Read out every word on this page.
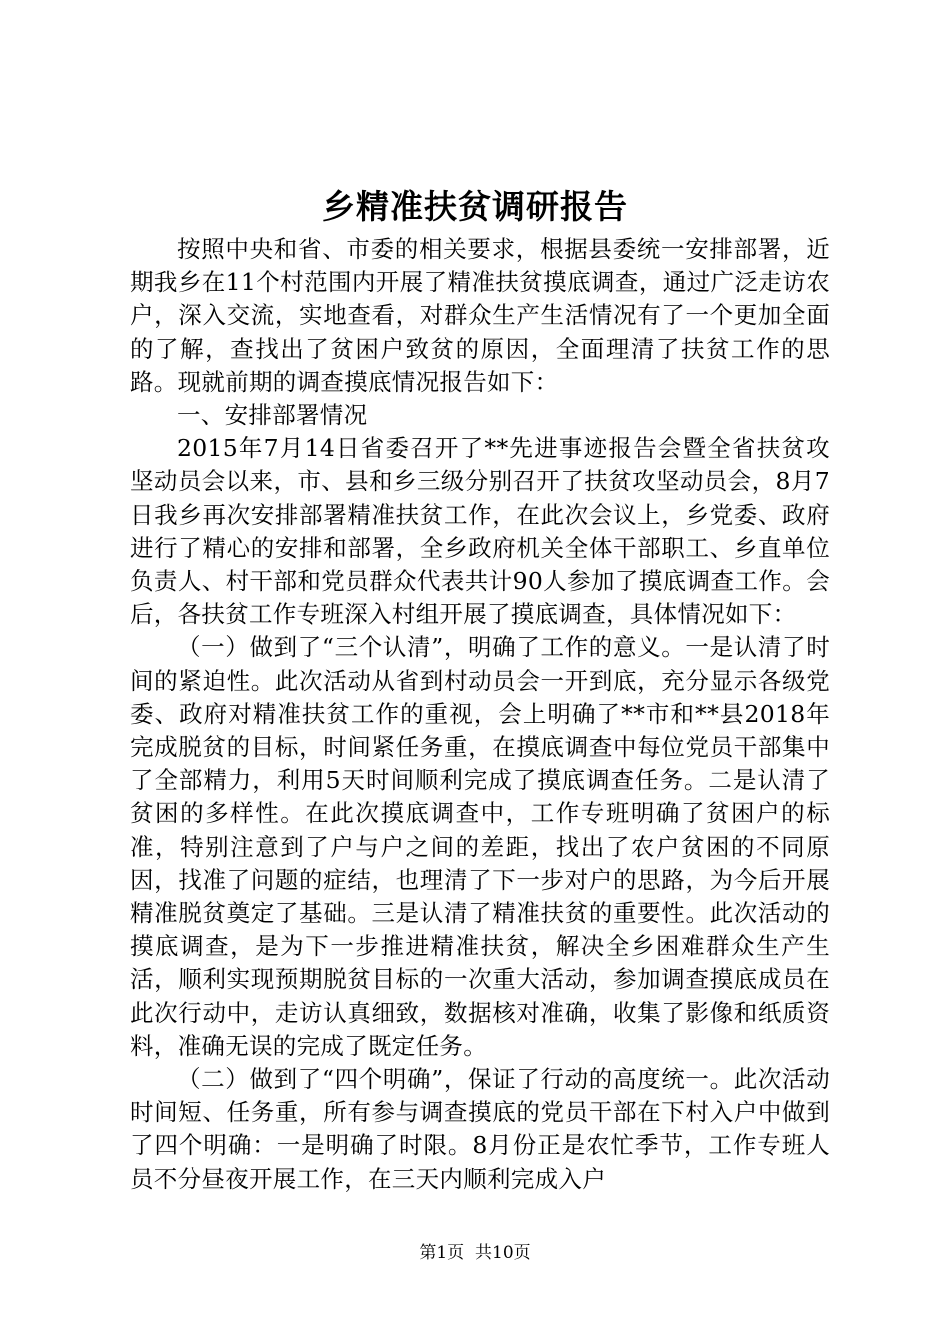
乡精准扶贫调研报告

按照中央和省、市委的相关要求，根据县委统一安排部署，近期我乡在11个村范围内开展了精准扶贫摸底调查，通过广泛走访农户，深入交流，实地查看，对群众生产生活情况有了一个更加全面的了解，查找出了贫困户致贫的原因，全面理清了扶贫工作的思路。现就前期的调查摸底情况报告如下：

一、安排部署情况

2015年7月14日省委召开了**先进事迹报告会暨全省扶贫攻坚动员会以来，市、县和乡三级分别召开了扶贫攻坚动员会，8月7日我乡再次安排部署精准扶贫工作，在此次会议上，乡党委、政府进行了精心的安排和部署，全乡政府机关全体干部职工、乡直单位负责人、村干部和党员群众代表共计90人参加了摸底调查工作。会后，各扶贫工作专班深入村组开展了摸底调查，具体情况如下：

（一）做到了“三个认清”，明确了工作的意义。一是认清了时间的紧迫性。此次活动从省到村动员会一开到底，充分显示各级党委、政府对精准扶贫工作的重视，会上明确了**市和**县2018年完成脱贫的目标，时间紧任务重，在摸底调查中每位党员干部集中了全部精力，利用5天时间顺利完成了摸底调查任务。二是认清了贫困的多样性。在此次摸底调查中，工作专班明确了贫困户的标准，特别注意到了户与户之间的差距，找出了农户贫困的不同原因，找准了问题的症结，也理清了下一步对户的思路，为今后开展精准脱贫奠定了基础。三是认清了精准扶贫的重要性。此次活动的摸底调查，是为下一步推进精准扶贫，解决全乡困难群众生产生活，顺利实现预期脱贫目标的一次重大活动，参加调查摸底成员在此次行动中，走访认真细致，数据核对准确，收集了影像和纸质资料，准确无误的完成了既定任务。

（二）做到了“四个明确”，保证了行动的高度统一。此次活动时间短、任务重，所有参与调查摸底的党员干部在下村入户中做到了四个明确：一是明确了时限。8月份正是农忙季节，工作专班人员不分昼夜开展工作，在三天内顺利完成入户

第1页 共10页
